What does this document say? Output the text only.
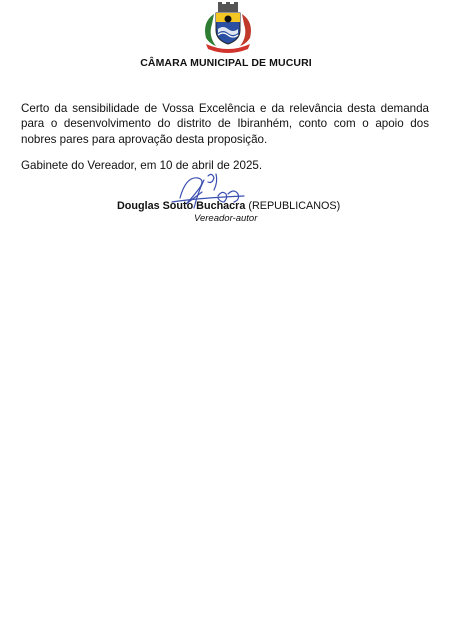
CÂMARA MUNICIPAL DE MUCURI

Certo da sensibilidade de Vossa Excelência e da relevância desta demanda para o desenvolvimento do distrito de Ibiranhém, conto com o apoio dos nobres pares para aprovação desta proposição.

Gabinete do Vereador, em 10 de abril de 2025.
Douglas Souto Buchacra (REPUBLICANOS)
Vereador-autor
